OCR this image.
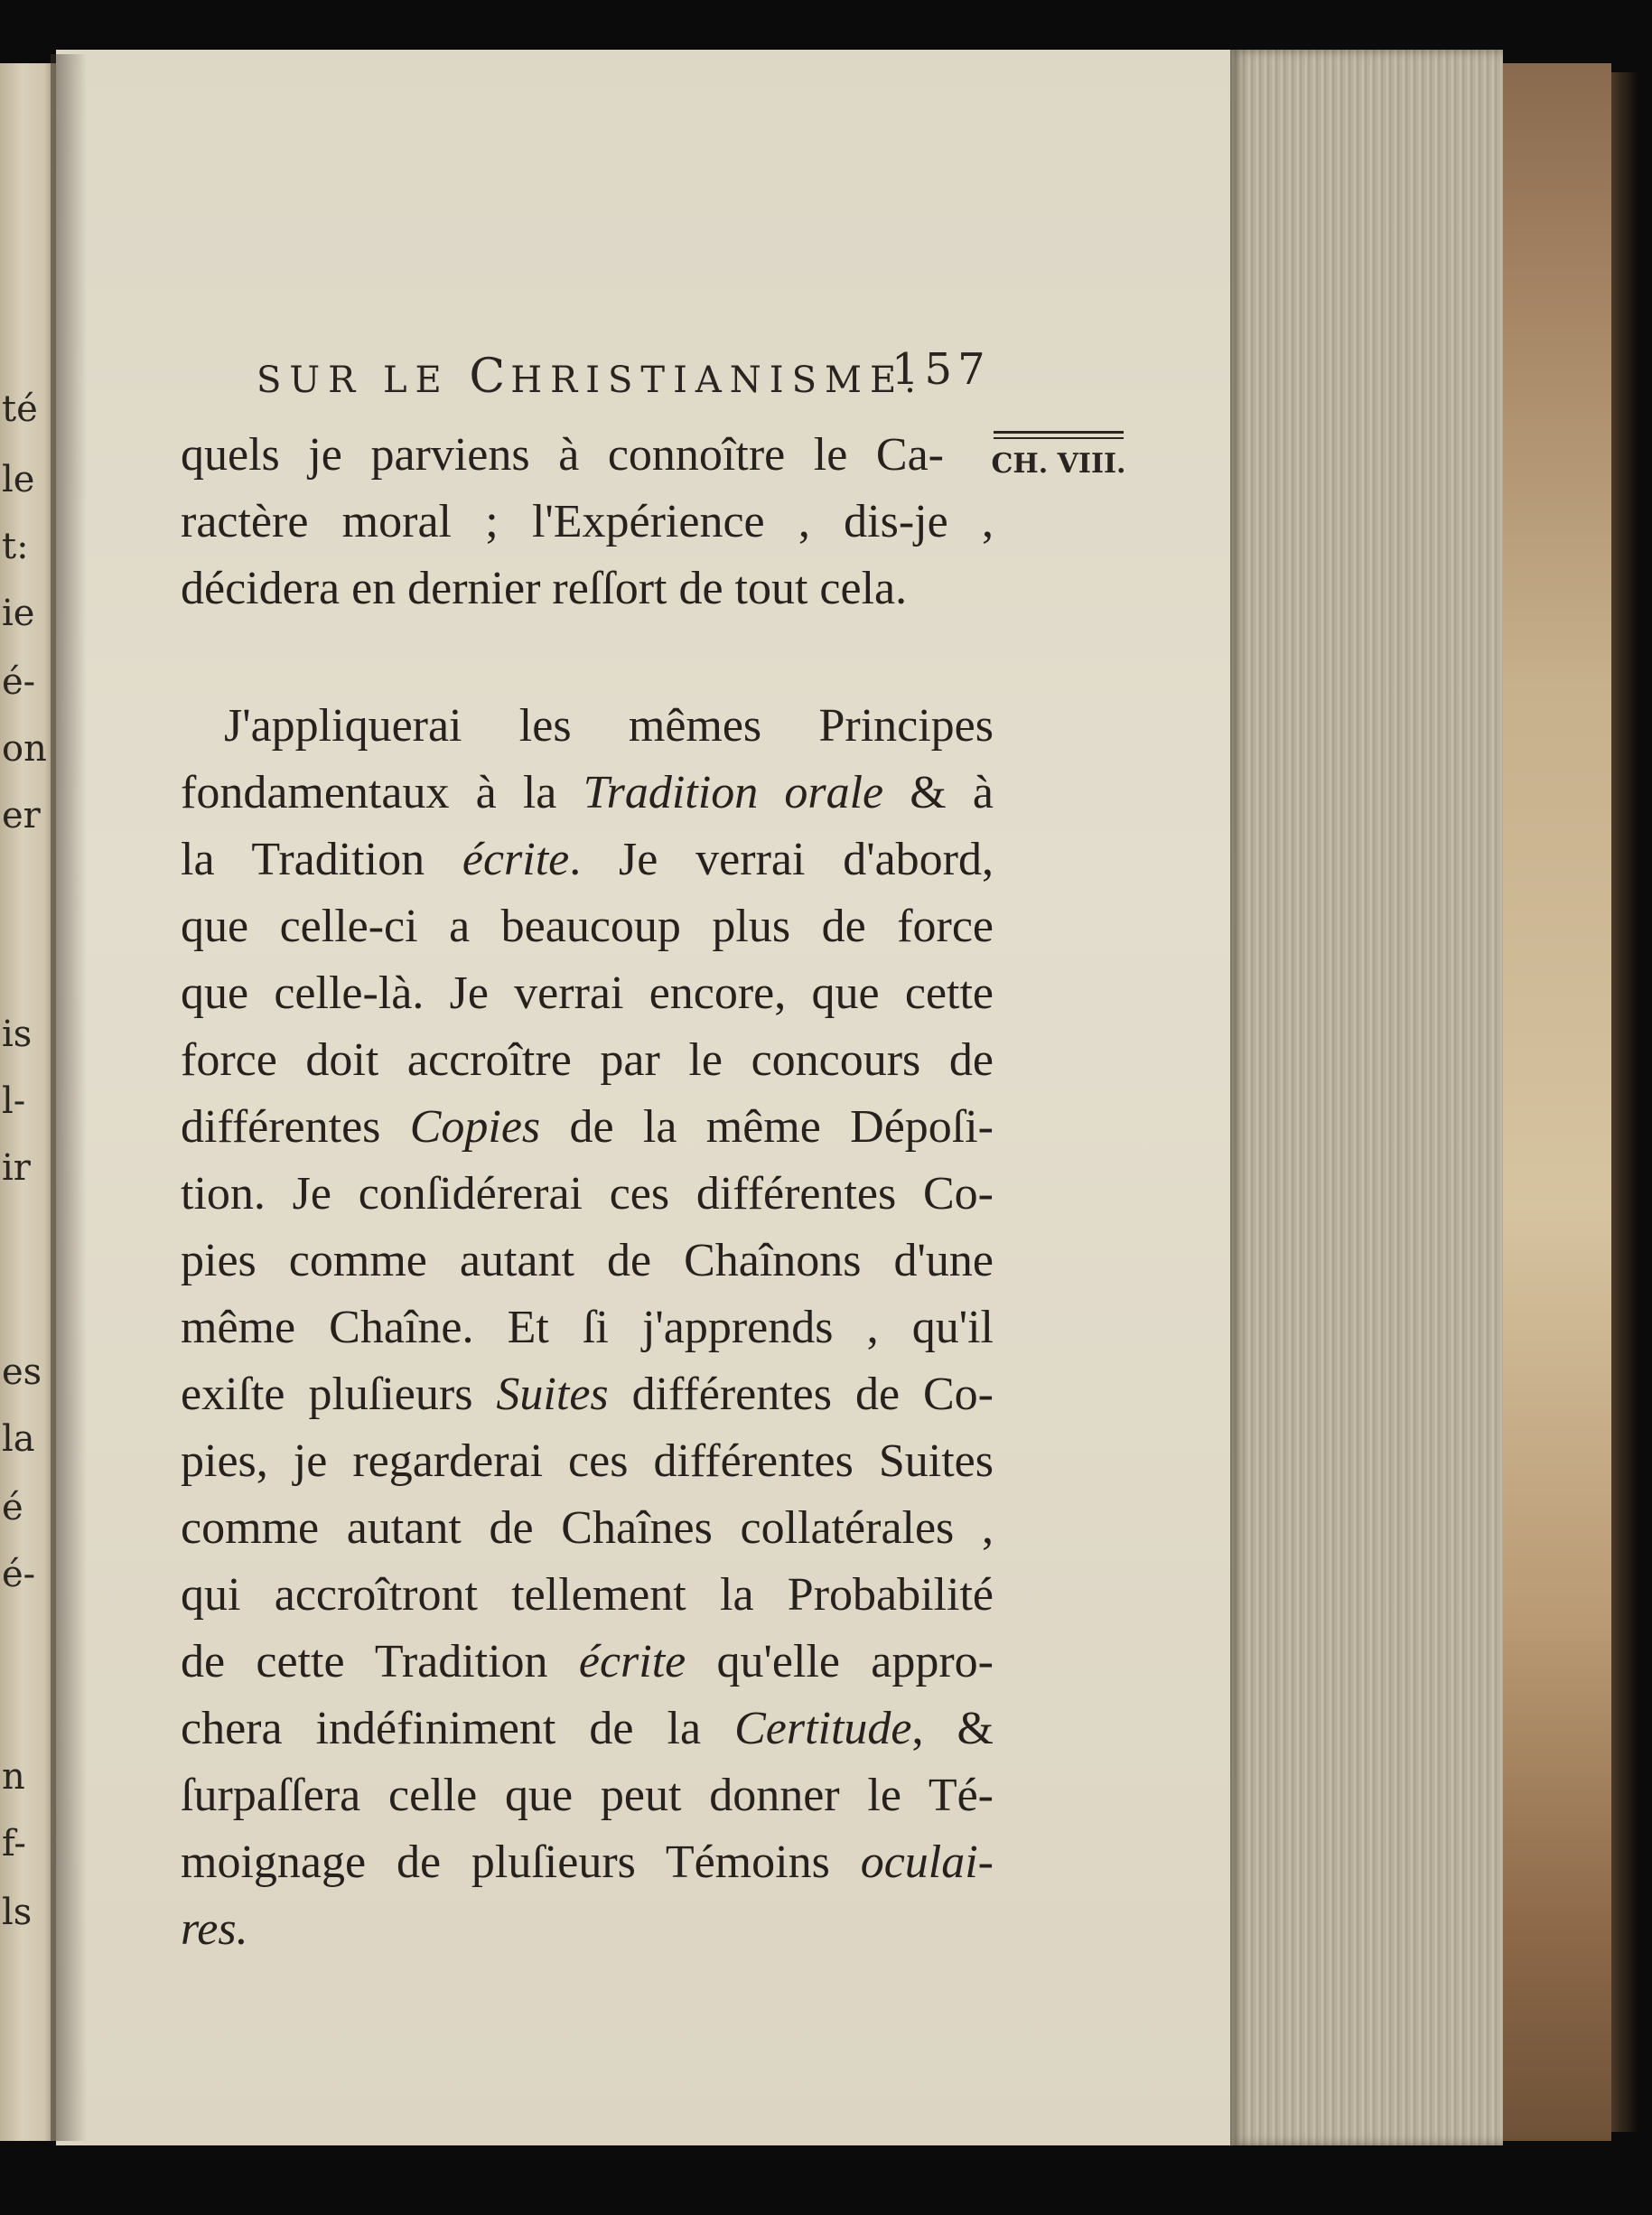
té
le
t:
ie
é-
on
er
is
l-
ir
es
la
é
é-
n
f-
ls
SUR LE CHRISTIANISME.
157
CH. VIII.
quels je parviens à connoître le Ca-
ractère moral ; l'Expérience , dis-je ,
décidera en dernier reſſort de tout cela.
J'appliquerai les mêmes Principes
fondamentaux à la Tradition orale & à
la Tradition écrite. Je verrai d'abord,
que celle-ci a beaucoup plus de force
que celle-là. Je verrai encore, que cette
force doit accroître par le concours de
différentes Copies de la même Dépoſi-
tion. Je conſidérerai ces différentes Co-
pies comme autant de Chaînons d'une
même Chaîne. Et ſi j'apprends , qu'il
exiſte pluſieurs Suites différentes de Co-
pies, je regarderai ces différentes Suites
comme autant de Chaînes collatérales ,
qui accroîtront tellement la Probabilité
de cette Tradition écrite qu'elle appro-
chera indéfiniment de la Certitude, &
ſurpaſſera celle que peut donner le Té-
moignage de pluſieurs Témoins oculai-
res.
